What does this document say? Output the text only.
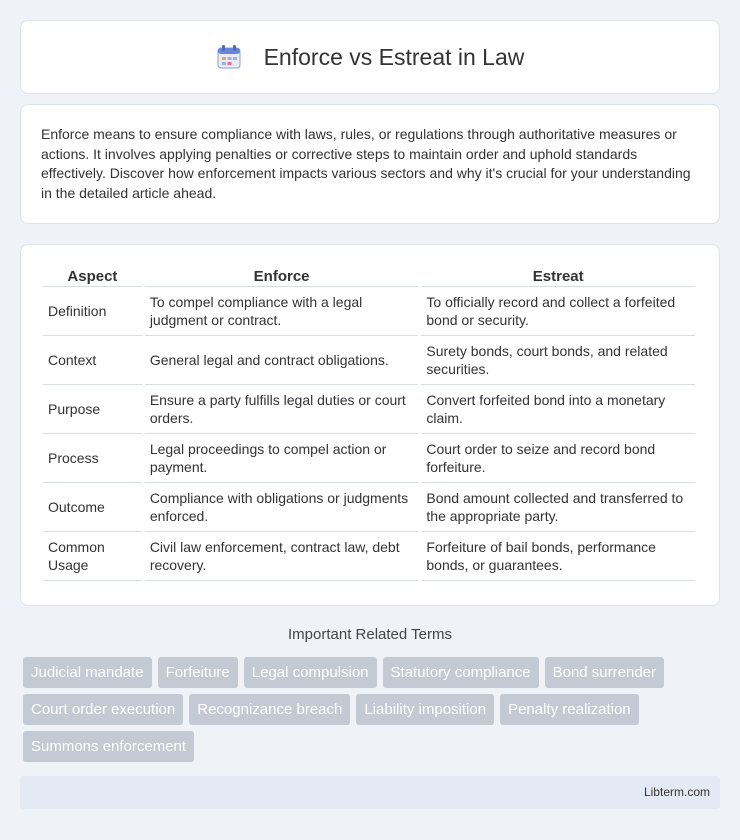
Enforce vs Estreat in Law

Enforce means to ensure compliance with laws, rules, or regulations through authoritative measures or actions. It involves applying penalties or corrective steps to maintain order and uphold standards effectively. Discover how enforcement impacts various sectors and why it's crucial for your understanding in the detailed article ahead.

Aspect	Enforce	Estreat
Definition	To compel compliance with a legal judgment or contract.	To officially record and collect a forfeited bond or security.
Context	General legal and contract obligations.	Surety bonds, court bonds, and related securities.
Purpose	Ensure a party fulfills legal duties or court orders.	Convert forfeited bond into a monetary claim.
Process	Legal proceedings to compel action or payment.	Court order to seize and record bond forfeiture.
Outcome	Compliance with obligations or judgments enforced.	Bond amount collected and transferred to the appropriate party.
Common Usage	Civil law enforcement, contract law, debt recovery.	Forfeiture of bail bonds, performance bonds, or guarantees.
Important Related Terms
Judicial mandate	Forfeiture	Legal compulsion	Statutory compliance	Bond surrender
Court order execution	Recognizance breach	Liability imposition	Penalty realization
Summons enforcement
Libterm.com
